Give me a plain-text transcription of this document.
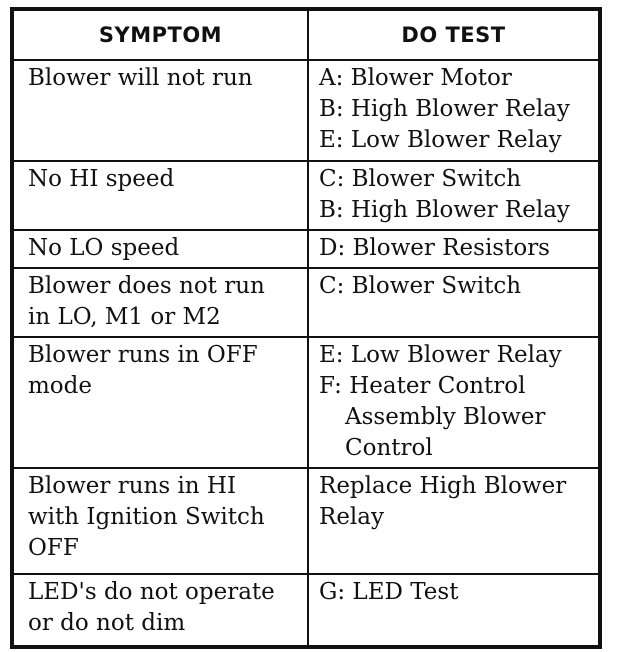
SYMPTOM	DO TEST

Blower will not run	A: Blower Motor
B: High Blower Relay
E: Low Blower Relay

No HI speed	C: Blower Switch
B: High Blower Relay

No LO speed	D: Blower Resistors

Blower does not run
in LO, M1 or M2	C: Blower Switch

Blower runs in OFF
mode	E: Low Blower Relay
F: Heater Control
Assembly Blower
Control

Blower runs in HI
with Ignition Switch
OFF	Replace High Blower
Relay

LED's do not operate
or do not dim	G: LED Test
